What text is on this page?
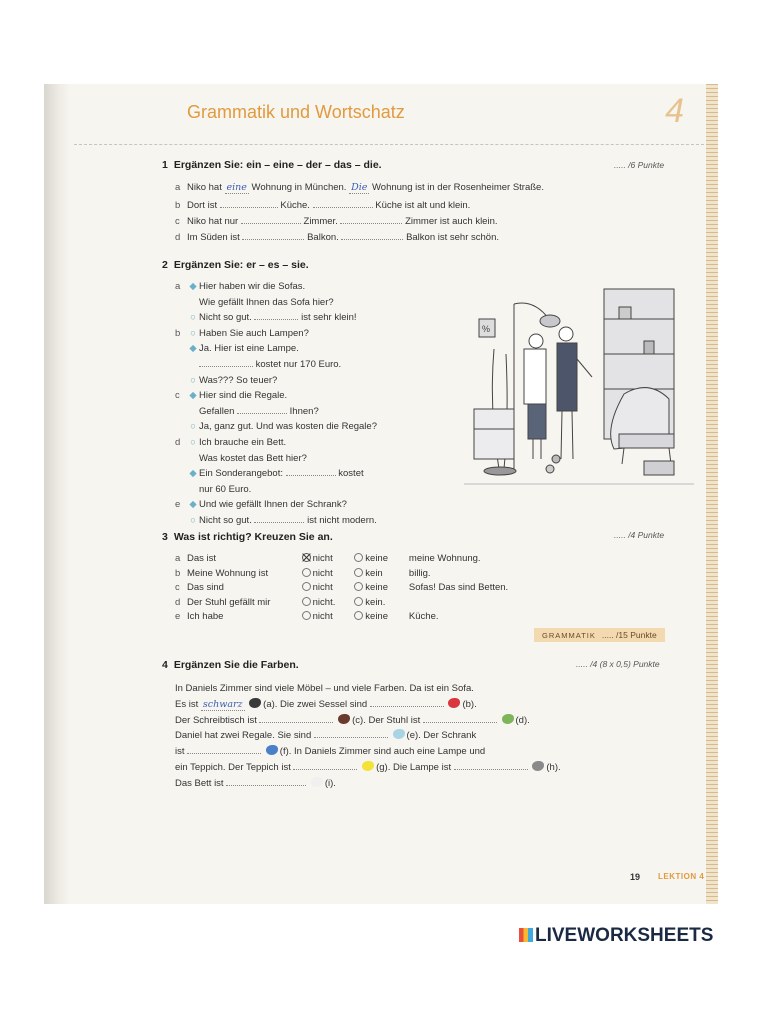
Grammatik und Wortschatz	4
1 Ergänzen Sie: ein – eine – der – das – die.	..... /6 Punkte
a Niko hat eine Wohnung in München. Die Wohnung ist in der Rosenheimer Straße.
b Dort ist	Küche.	Küche ist alt und klein.
c Niko hat nur	Zimmer.	Zimmer ist auch klein.
d Im Süden ist	Balkon.	Balkon ist sehr schön.
2 Ergänzen Sie: er – es – sie.
a ◆ Hier haben wir die Sofas.
Wie gefällt Ihnen das Sofa hier?
○ Nicht so gut.	ist sehr klein!
b ○ Haben Sie auch Lampen?
◆ Ja. Hier ist eine Lampe.
kostet nur 170 Euro.
○ Was??? So teuer?
c ◆ Hier sind die Regale.
Gefallen	Ihnen?
○ Ja, ganz gut. Und was kosten die Regale?
d ○ Ich brauche ein Bett.
Was kostet das Bett hier?
◆ Ein Sonderangebot:	kostet
nur 60 Euro.
e ◆ Und wie gefällt Ihnen der Schrank?
○ Nicht so gut.	ist nicht modern.
%
3 Was ist richtig? Kreuzen Sie an.	..... /4 Punkte
a Das ist	nicht	keine meine Wohnung.
b Meine Wohnung ist	nicht	kein	billig.
c Das sind	nicht	keine Sofas! Das sind Betten.
d Der Stuhl gefällt mir	nicht.	kein.
e Ich habe	nicht	keine Küche.
GRAMMATIK ..... /15 Punkte
4 Ergänzen Sie die Farben.	..... /4 (8 x 0,5) Punkte
In Daniels Zimmer sind viele Möbel – und viele Farben. Da ist ein Sofa.
Es ist schwarz (a). Die zwei Sessel sind	(b).
Der Schreibtisch ist	(c). Der Stuhl ist	(d).
Daniel hat zwei Regale. Sie sind	(e). Der Schrank
ist	(f). In Daniels Zimmer sind auch eine Lampe und
ein Teppich. Der Teppich ist	(g). Die Lampe ist	(h).
Das Bett ist	(i).
19 LEKTION 4
LIVEWORKSHEETS
